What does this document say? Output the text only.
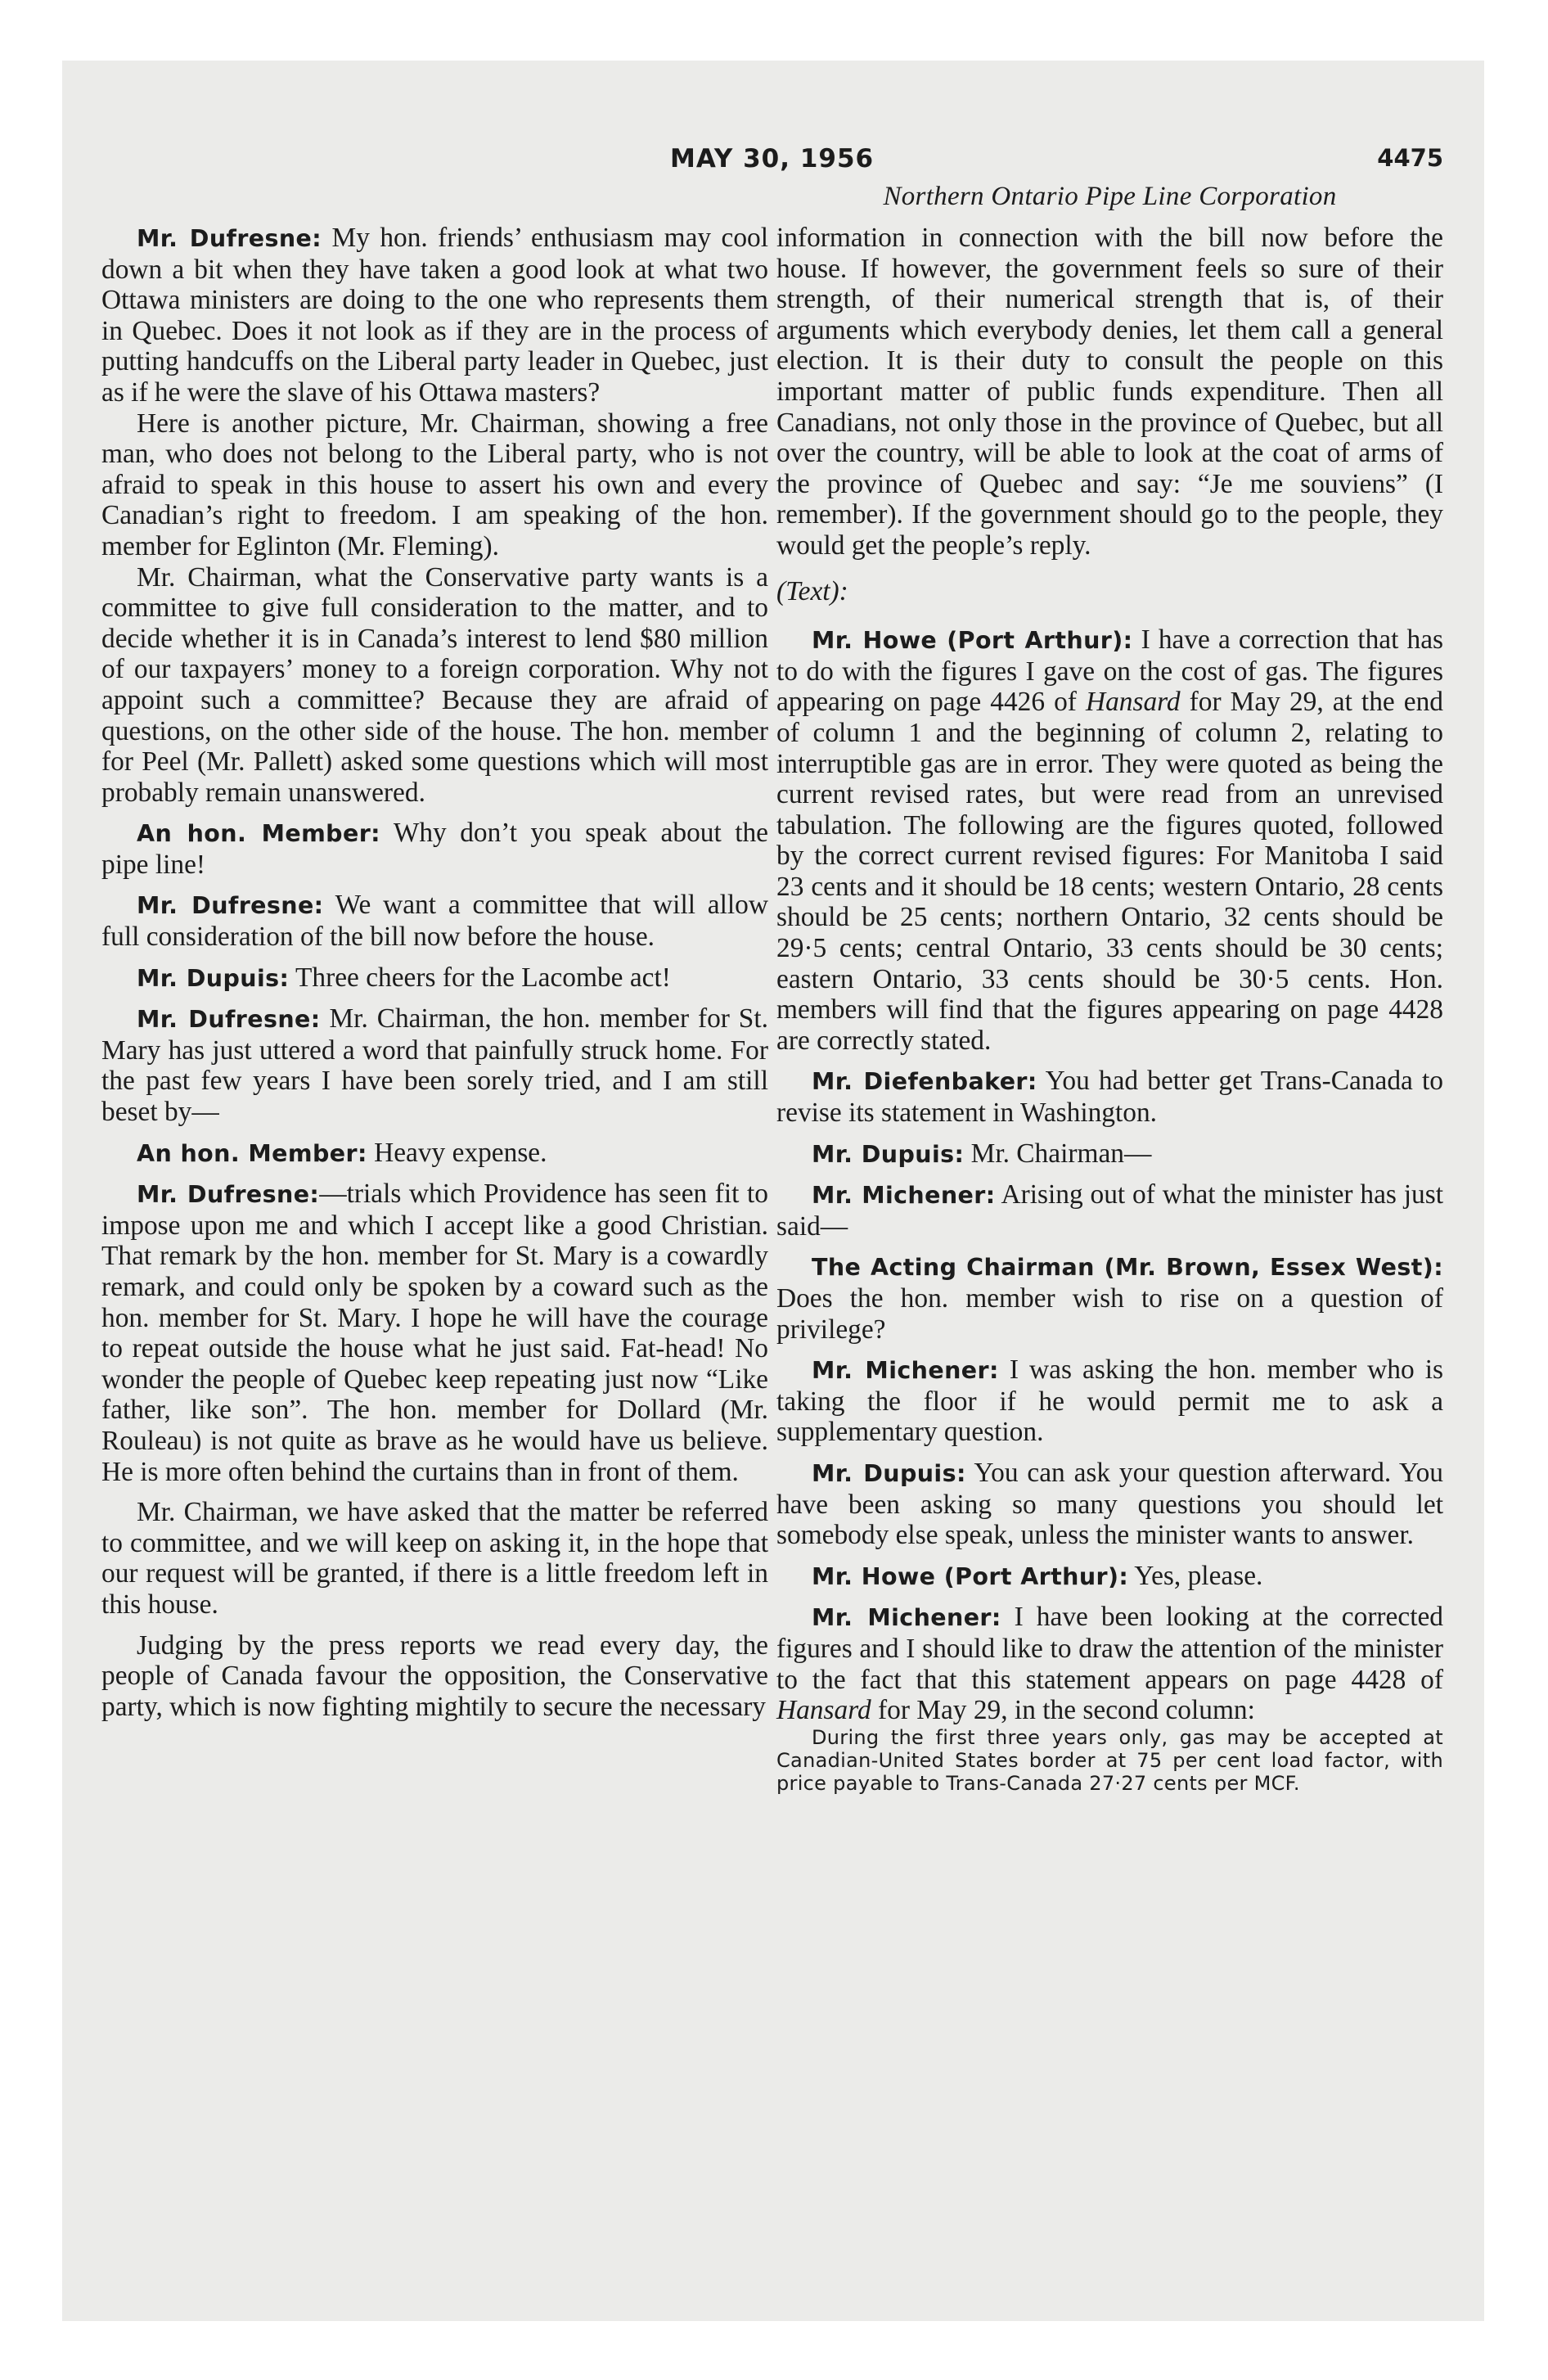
MAY 30, 1956	4475
Northern Ontario Pipe Line Corporation

Mr. Dufresne: My hon. friends’ enthusiasm may cool down a bit when they have taken a good look at what two Ottawa ministers are doing to the one who represents them in Quebec. Does it not look as if they are in the process of putting handcuffs on the Liberal party leader in Quebec, just as if he were the slave of his Ottawa masters?

Here is another picture, Mr. Chairman, showing a free man, who does not belong to the Liberal party, who is not afraid to speak in this house to assert his own and every Canadian’s right to freedom. I am speaking of the hon. member for Eglinton (Mr. Fleming).

Mr. Chairman, what the Conservative party wants is a committee to give full consideration to the matter, and to decide whether it is in Canada’s interest to lend $80 million of our taxpayers’ money to a foreign corporation. Why not appoint such a committee? Because they are afraid of questions, on the other side of the house. The hon. member for Peel (Mr. Pallett) asked some questions which will most probably remain unanswered.

An hon. Member: Why don’t you speak about the pipe line!

Mr. Dufresne: We want a committee that will allow full consideration of the bill now before the house.

Mr. Dupuis: Three cheers for the Lacombe act!

Mr. Dufresne: Mr. Chairman, the hon. member for St. Mary has just uttered a word that painfully struck home. For the past few years I have been sorely tried, and I am still beset by—

An hon. Member: Heavy expense.

Mr. Dufresne:—trials which Providence has seen fit to impose upon me and which I accept like a good Christian. That remark by the hon. member for St. Mary is a cowardly remark, and could only be spoken by a coward such as the hon. member for St. Mary. I hope he will have the courage to repeat outside the house what he just said. Fat-head! No wonder the people of Quebec keep repeating just now “Like father, like son”. The hon. member for Dollard (Mr. Rouleau) is not quite as brave as he would have us believe. He is more often behind the curtains than in front of them.

Mr. Chairman, we have asked that the matter be referred to committee, and we will keep on asking it, in the hope that our request will be granted, if there is a little freedom left in this house.

Judging by the press reports we read every day, the people of Canada favour the opposition, the Conservative party, which is now fighting mightily to secure the necessary

information in connection with the bill now before the house. If however, the government feels so sure of their strength, of their numerical strength that is, of their arguments which everybody denies, let them call a general election. It is their duty to consult the people on this important matter of public funds expenditure. Then all Canadians, not only those in the province of Quebec, but all over the country, will be able to look at the coat of arms of the province of Quebec and say: “Je me souviens” (I remember). If the government should go to the people, they would get the people’s reply.

(Text):

Mr. Howe (Port Arthur): I have a correction that has to do with the figures I gave on the cost of gas. The figures appearing on page 4426 of Hansard for May 29, at the end of column 1 and the beginning of column 2, relating to interruptible gas are in error. They were quoted as being the current revised rates, but were read from an unrevised tabulation. The following are the figures quoted, followed by the correct current revised figures: For Manitoba I said 23 cents and it should be 18 cents; western Ontario, 28 cents should be 25 cents; northern Ontario, 32 cents should be 29·5 cents; central Ontario, 33 cents should be 30 cents; eastern Ontario, 33 cents should be 30·5 cents. Hon. members will find that the figures appearing on page 4428 are correctly stated.

Mr. Diefenbaker: You had better get Trans-Canada to revise its statement in Washington.

Mr. Dupuis: Mr. Chairman—

Mr. Michener: Arising out of what the minister has just said—

The Acting Chairman (Mr. Brown, Essex West): Does the hon. member wish to rise on a question of privilege?

Mr. Michener: I was asking the hon. member who is taking the floor if he would permit me to ask a supplementary question.

Mr. Dupuis: You can ask your question afterward. You have been asking so many questions you should let somebody else speak, unless the minister wants to answer.

Mr. Howe (Port Arthur): Yes, please.

Mr. Michener: I have been looking at the corrected figures and I should like to draw the attention of the minister to the fact that this statement appears on page 4428 of Hansard for May 29, in the second column:

During the first three years only, gas may be accepted at Canadian-United States border at 75 per cent load factor, with price payable to Trans-Canada 27·27 cents per MCF.
